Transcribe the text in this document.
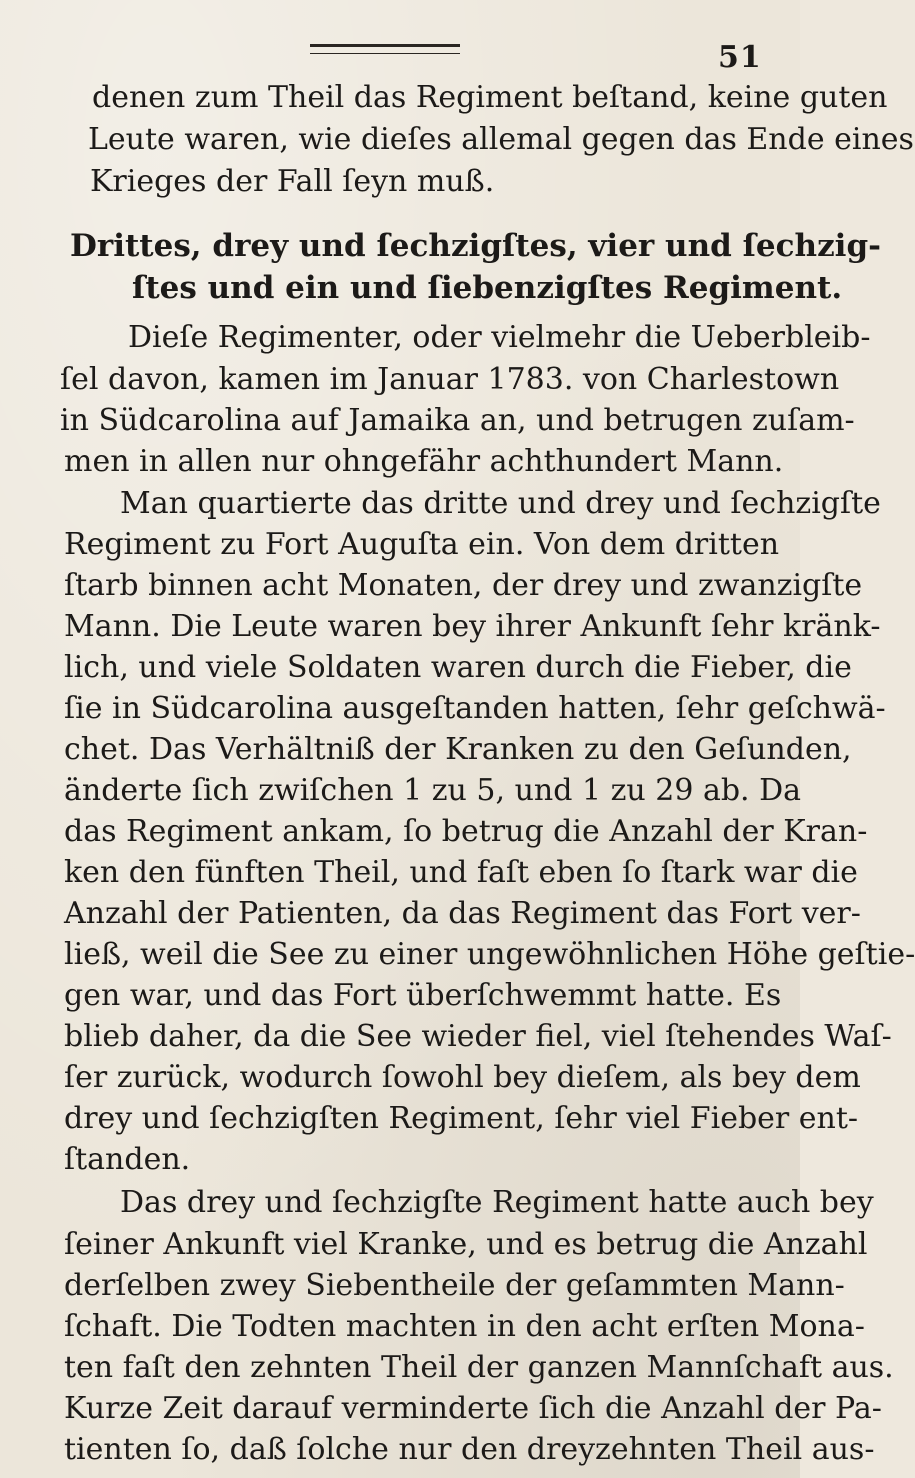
51
denen zum Theil das Regiment beſtand, keine guten
Leute waren, wie dieſes allemal gegen das Ende eines
Krieges der Fall ſeyn muß.
Drittes, drey und ſechzigſtes, vier und ſechzig-
ſtes und ein und ſiebenzigſtes Regiment.
Dieſe Regimenter, oder vielmehr die Ueberbleib-
ſel davon, kamen im Januar 1783. von Charlestown
in Südcarolina auf Jamaika an, und betrugen zuſam-
men in allen nur ohngefähr achthundert Mann.
Man quartierte das dritte und drey und ſechzigſte
Regiment zu Fort Auguſta ein. Von dem dritten
ſtarb binnen acht Monaten, der drey und zwanzigſte
Mann. Die Leute waren bey ihrer Ankunft ſehr kränk-
lich, und viele Soldaten waren durch die Fieber, die
ſie in Südcarolina ausgeſtanden hatten, ſehr geſchwä-
chet. Das Verhältniß der Kranken zu den Geſunden,
änderte ſich zwiſchen 1 zu 5, und 1 zu 29 ab. Da
das Regiment ankam, ſo betrug die Anzahl der Kran-
ken den fünften Theil, und faſt eben ſo ſtark war die
Anzahl der Patienten, da das Regiment das Fort ver-
ließ, weil die See zu einer ungewöhnlichen Höhe geſtie-
gen war, und das Fort überſchwemmt hatte. Es
blieb daher, da die See wieder fiel, viel ſtehendes Waſ-
ſer zurück, wodurch ſowohl bey dieſem, als bey dem
drey und ſechzigſten Regiment, ſehr viel Fieber ent-
ſtanden.
Das drey und ſechzigſte Regiment hatte auch bey
ſeiner Ankunft viel Kranke, und es betrug die Anzahl
derſelben zwey Siebentheile der geſammten Mann-
ſchaft. Die Todten machten in den acht erſten Mona-
ten faſt den zehnten Theil der ganzen Mannſchaft aus.
Kurze Zeit darauf verminderte ſich die Anzahl der Pa-
tienten ſo, daß ſolche nur den dreyzehnten Theil aus-
